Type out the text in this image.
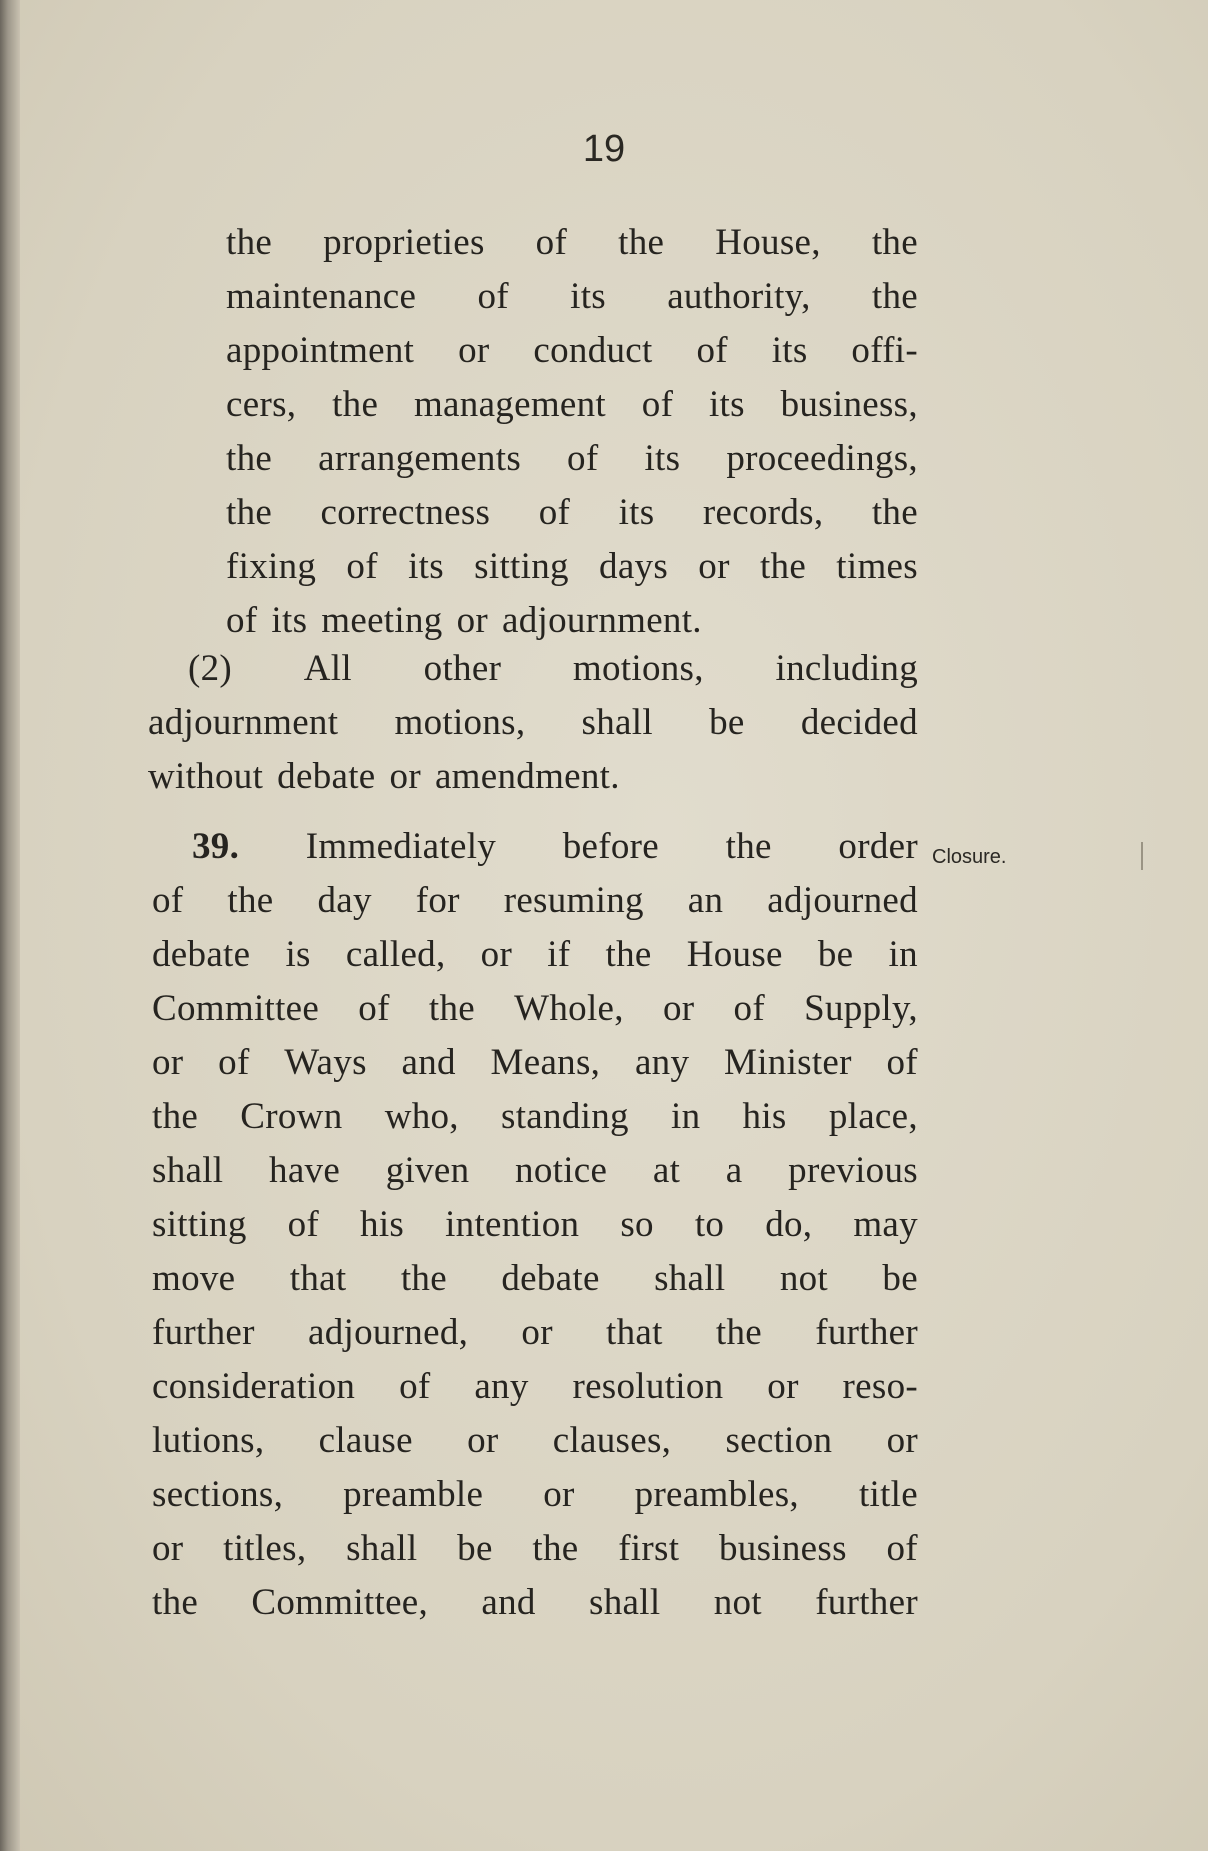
19
the proprieties of the House, the
maintenance of its authority, the
appointment or conduct of its offi-
cers, the management of its business,
the arrangements of its proceedings,
the correctness of its records, the
fixing of its sitting days or the times
of its meeting or adjournment.
(2) All other motions, including
adjournment motions, shall be decided
without debate or amendment.
39. Immediately before the order
of the day for resuming an adjourned
debate is called, or if the House be in
Committee of the Whole, or of Supply,
or of Ways and Means, any Minister of
the Crown who, standing in his place,
shall have given notice at a previous
sitting of his intention so to do, may
move that the debate shall not be
further adjourned, or that the further
consideration of any resolution or reso-
lutions, clause or clauses, section or
sections, preamble or preambles, title
or titles, shall be the first business of
the Committee, and shall not further
Closure.
